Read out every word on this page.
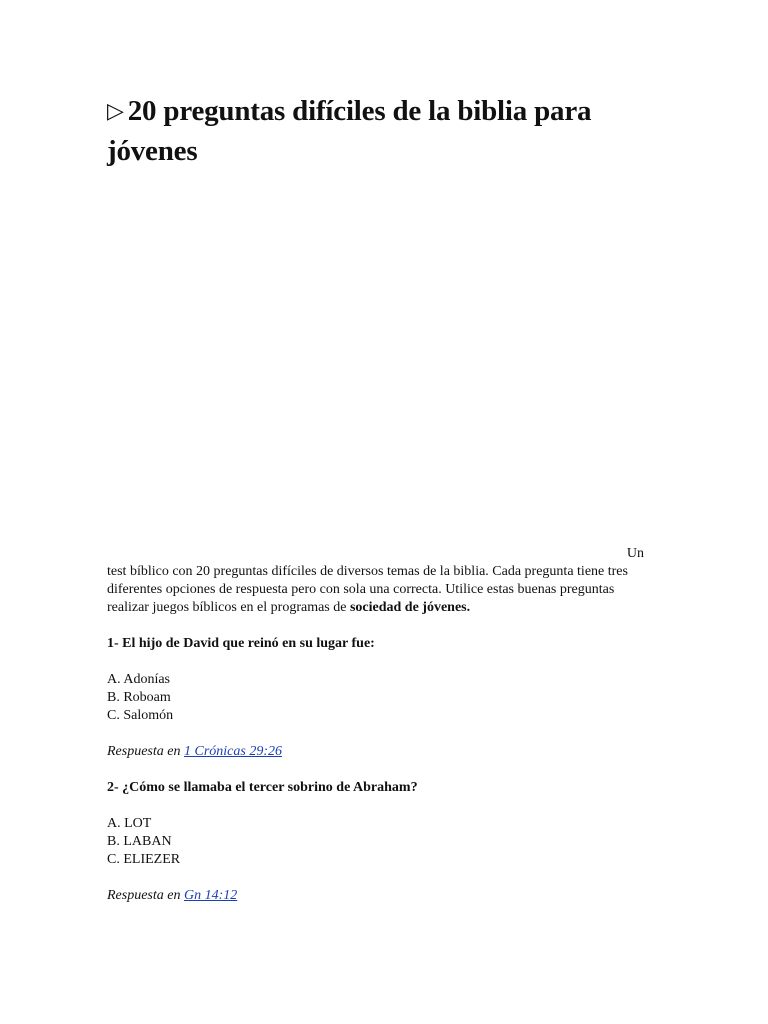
▷ 20 preguntas difíciles de la biblia para
jóvenes
Un
test bíblico con 20 preguntas difíciles de diversos temas de la biblia. Cada pregunta tiene tres diferentes opciones de respuesta pero con sola una correcta. Utilice estas buenas preguntas realizar juegos bíblicos en el programas de sociedad de jóvenes.
1- El hijo de David que reinó en su lugar fue:
A. Adonías
B. Roboam
C. Salomón
Respuesta en 1 Crónicas 29:26
2- ¿Cómo se llamaba el tercer sobrino de Abraham?
A. LOT
B. LABAN
C. ELIEZER
Respuesta en Gn 14:12
